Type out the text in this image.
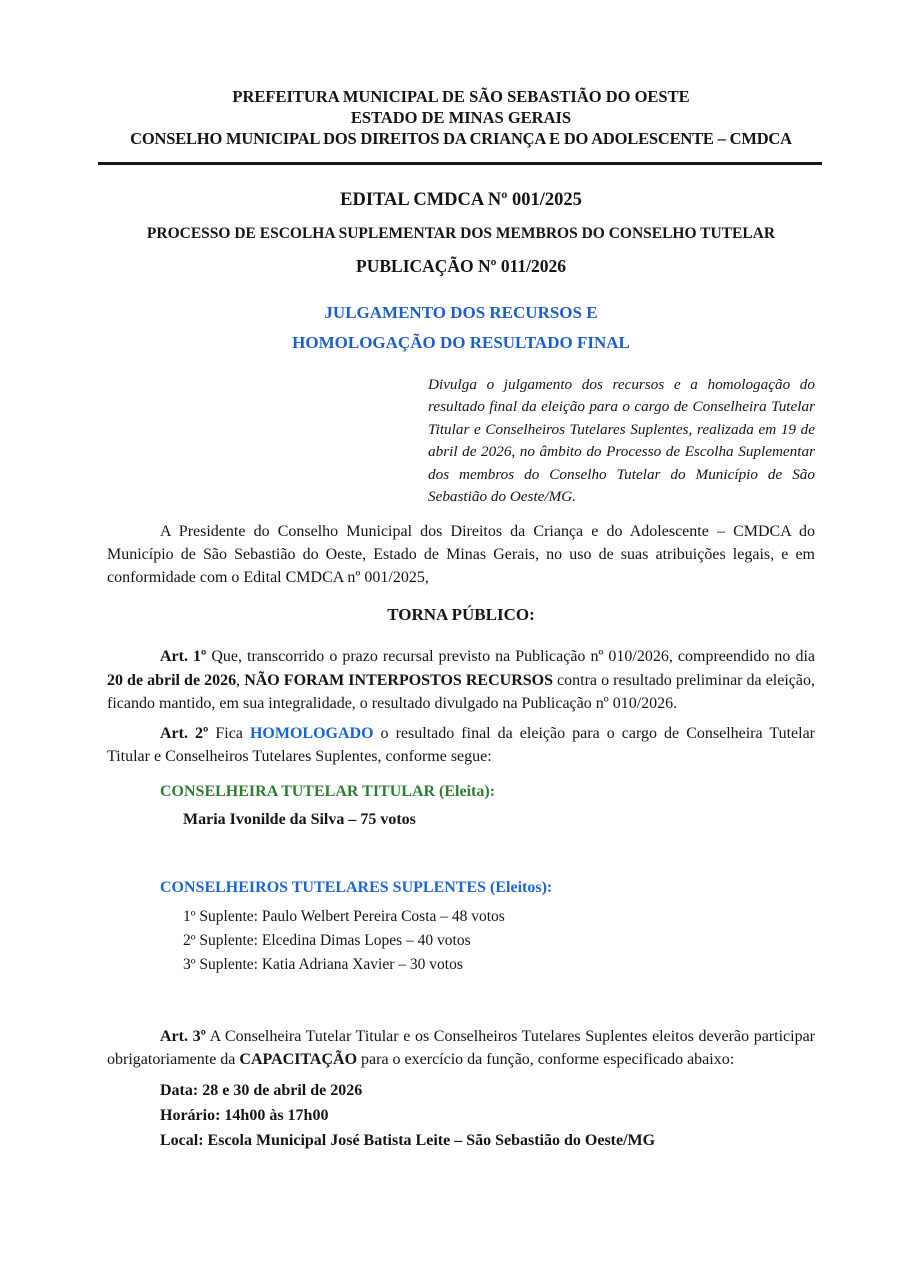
PREFEITURA MUNICIPAL DE SÃO SEBASTIÃO DO OESTE
ESTADO DE MINAS GERAIS
CONSELHO MUNICIPAL DOS DIREITOS DA CRIANÇA E DO ADOLESCENTE – CMDCA
EDITAL CMDCA Nº 001/2025
PROCESSO DE ESCOLHA SUPLEMENTAR DOS MEMBROS DO CONSELHO TUTELAR
PUBLICAÇÃO Nº 011/2026
JULGAMENTO DOS RECURSOS E
HOMOLOGAÇÃO DO RESULTADO FINAL
Divulga o julgamento dos recursos e a homologação do resultado final da eleição para o cargo de Conselheira Tutelar Titular e Conselheiros Tutelares Suplentes, realizada em 19 de abril de 2026, no âmbito do Processo de Escolha Suplementar dos membros do Conselho Tutelar do Município de São Sebastião do Oeste/MG.
A Presidente do Conselho Municipal dos Direitos da Criança e do Adolescente – CMDCA do Município de São Sebastião do Oeste, Estado de Minas Gerais, no uso de suas atribuições legais, e em conformidade com o Edital CMDCA nº 001/2025,
TORNA PÚBLICO:
Art. 1º Que, transcorrido o prazo recursal previsto na Publicação nº 010/2026, compreendido no dia 20 de abril de 2026, NÃO FORAM INTERPOSTOS RECURSOS contra o resultado preliminar da eleição, ficando mantido, em sua integralidade, o resultado divulgado na Publicação nº 010/2026.
Art. 2º Fica HOMOLOGADO o resultado final da eleição para o cargo de Conselheira Tutelar Titular e Conselheiros Tutelares Suplentes, conforme segue:
CONSELHEIRA TUTELAR TITULAR (Eleita):
Maria Ivonilde da Silva – 75 votos
CONSELHEIROS TUTELARES SUPLENTES (Eleitos):
1º Suplente: Paulo Welbert Pereira Costa – 48 votos
2º Suplente: Elcedina Dimas Lopes – 40 votos
3º Suplente: Katia Adriana Xavier – 30 votos
Art. 3º A Conselheira Tutelar Titular e os Conselheiros Tutelares Suplentes eleitos deverão participar obrigatoriamente da CAPACITAÇÃO para o exercício da função, conforme especificado abaixo:
Data: 28 e 30 de abril de 2026
Horário: 14h00 às 17h00
Local: Escola Municipal José Batista Leite – São Sebastião do Oeste/MG
